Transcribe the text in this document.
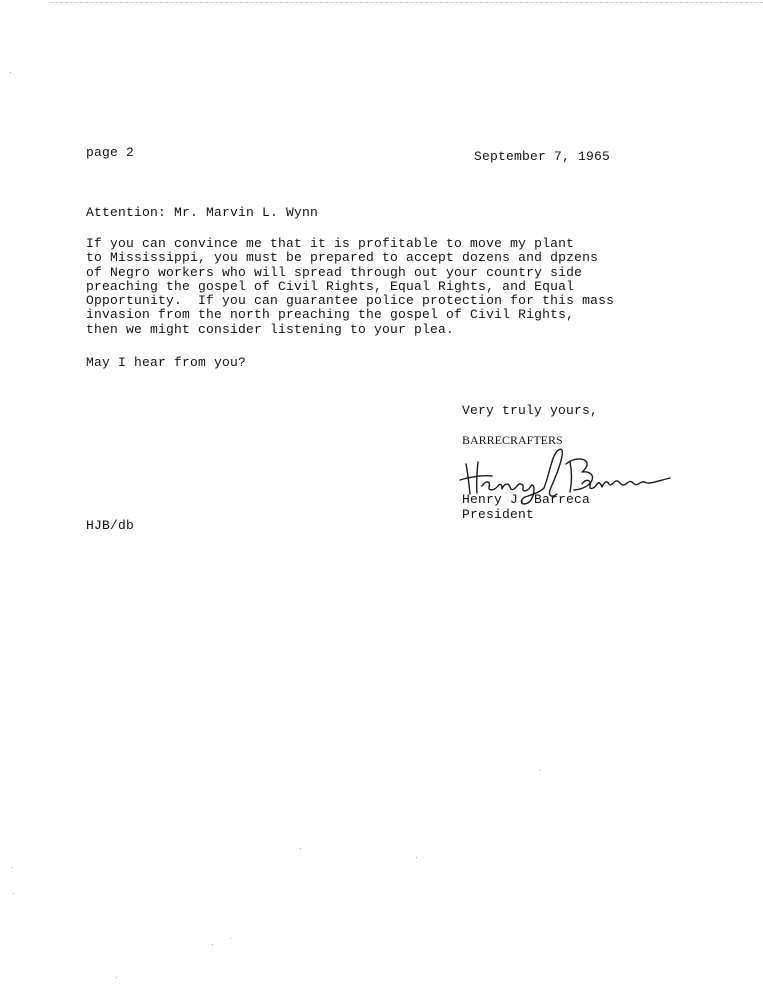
page 2	September 7, 1965
Attention: Mr. Marvin L. Wynn
If you can convince me that it is profitable to move my plant
to Mississippi, you must be prepared to accept dozens and dpzens
of Negro workers who will spread through out your country side
preaching the gospel of Civil Rights, Equal Rights, and Equal
Opportunity.  If you can guarantee police protection for this mass
invasion from the north preaching the gospel of Civil Rights,
then we might consider listening to your plea.
May I hear from you?
Very truly yours,
BARRECRAFTERS
Henry J. Barreca
President
HJB/db
